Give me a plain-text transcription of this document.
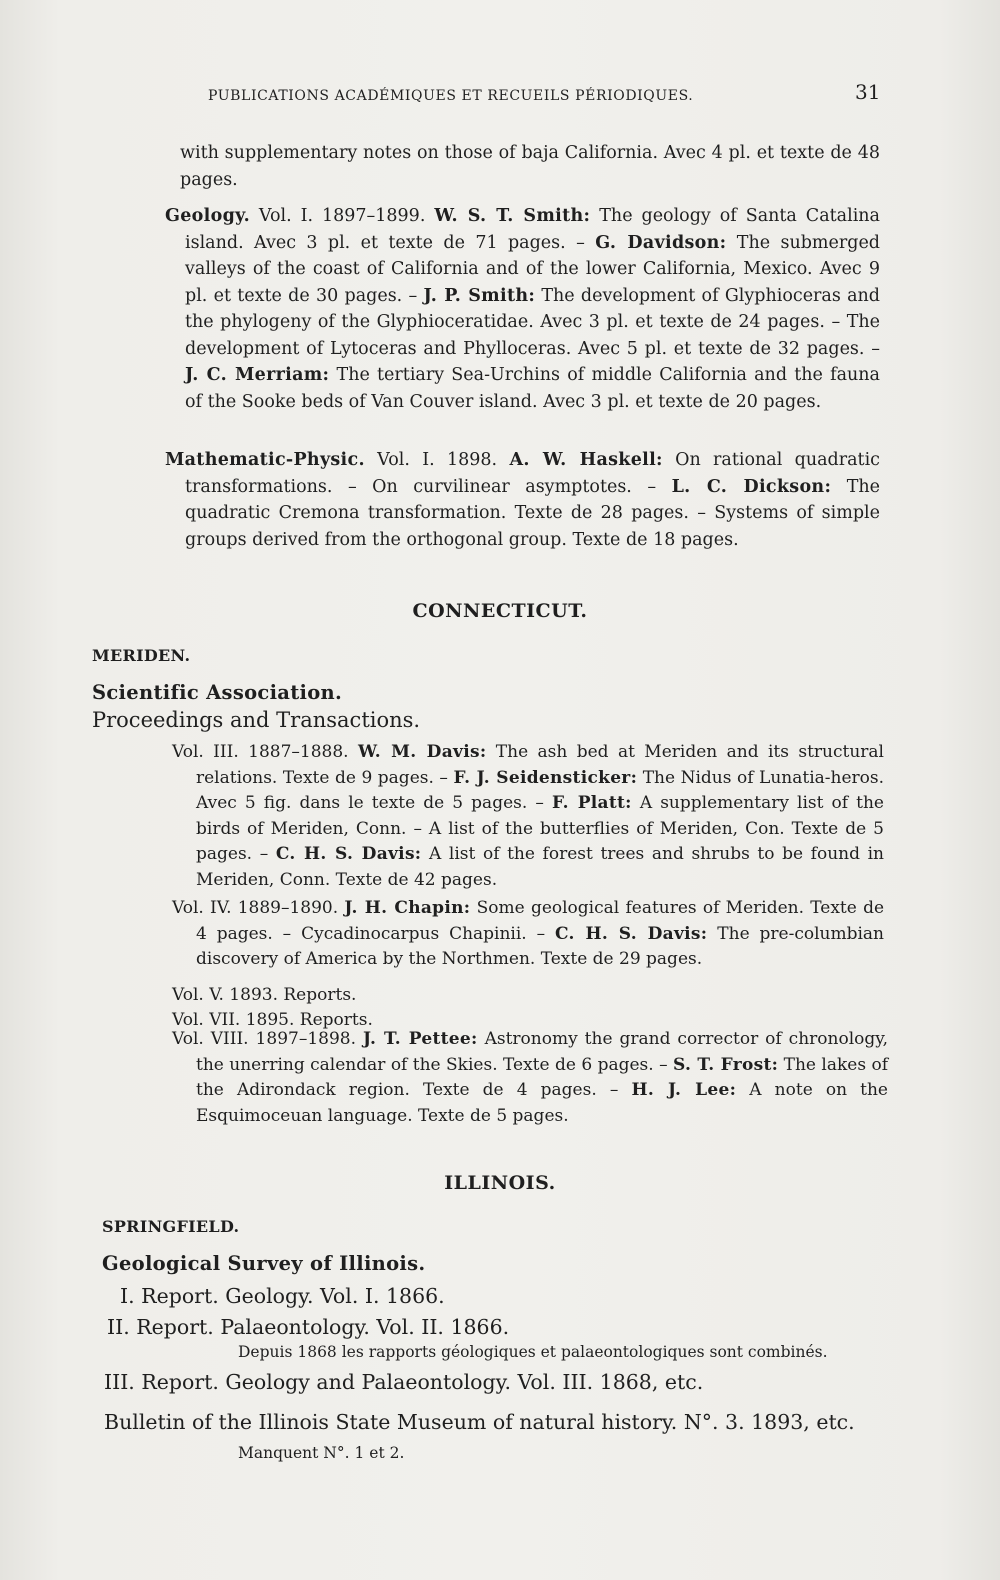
PUBLICATIONS ACADÉMIQUES ET RECUEILS PÉRIODIQUES.	31

with supplementary notes on those of baja California. Avec 4 pl. et texte de 48 pages.

Geology. Vol. I. 1897–1899. W. S. T. Smith: The geology of Santa Catalina island. Avec 3 pl. et texte de 71 pages. – G. Davidson: The submerged valleys of the coast of California and of the lower California, Mexico. Avec 9 pl. et texte de 30 pages. – J. P. Smith: The development of Glyphioceras and the phylogeny of the Glyphioceratidae. Avec 3 pl. et texte de 24 pages. – The development of Lytoceras and Phylloceras. Avec 5 pl. et texte de 32 pages. – J. C. Merriam: The tertiary Sea-Urchins of middle California and the fauna of the Sooke beds of Van Couver island. Avec 3 pl. et texte de 20 pages.

Mathematic-Physic. Vol. I. 1898. A. W. Haskell: On rational quadratic transformations. – On curvilinear asymptotes. – L. C. Dickson: The quadratic Cremona transformation. Texte de 28 pages. – Systems of simple groups derived from the orthogonal group. Texte de 18 pages.

CONNECTICUT.
MERIDEN.
Scientific Association.
Proceedings and Transactions.

Vol. III. 1887–1888. W. M. Davis: The ash bed at Meriden and its structural relations. Texte de 9 pages. – F. J. Seidensticker: The Nidus of Lunatia-heros. Avec 5 fig. dans le texte de 5 pages. – F. Platt: A supplementary list of the birds of Meriden, Conn. – A list of the butterflies of Meriden, Con. Texte de 5 pages. – C. H. S. Davis: A list of the forest trees and shrubs to be found in Meriden, Conn. Texte de 42 pages.

Vol. IV. 1889–1890. J. H. Chapin: Some geological features of Meriden. Texte de 4 pages. – Cycadinocarpus Chapinii. – C. H. S. Davis: The pre-columbian discovery of America by the Northmen. Texte de 29 pages.

Vol. V. 1893. Reports.

Vol. VII. 1895. Reports.

Vol. VIII. 1897–1898. J. T. Pettee: Astronomy the grand corrector of chronology, the unerring calendar of the Skies. Texte de 6 pages. – S. T. Frost: The lakes of the Adirondack region. Texte de 4 pages. – H. J. Lee: A note on the Esquimoceuan language. Texte de 5 pages.

ILLINOIS.
SPRINGFIELD.
Geological Survey of Illinois.
I. Report. Geology. Vol. I. 1866.
II. Report. Palaeontology. Vol. II. 1866.
Depuis 1868 les rapports géologiques et palaeontologiques sont combinés.
III. Report. Geology and Palaeontology. Vol. III. 1868, etc.
Bulletin of the Illinois State Museum of natural history. N°. 3. 1893, etc.
Manquent N°. 1 et 2.
